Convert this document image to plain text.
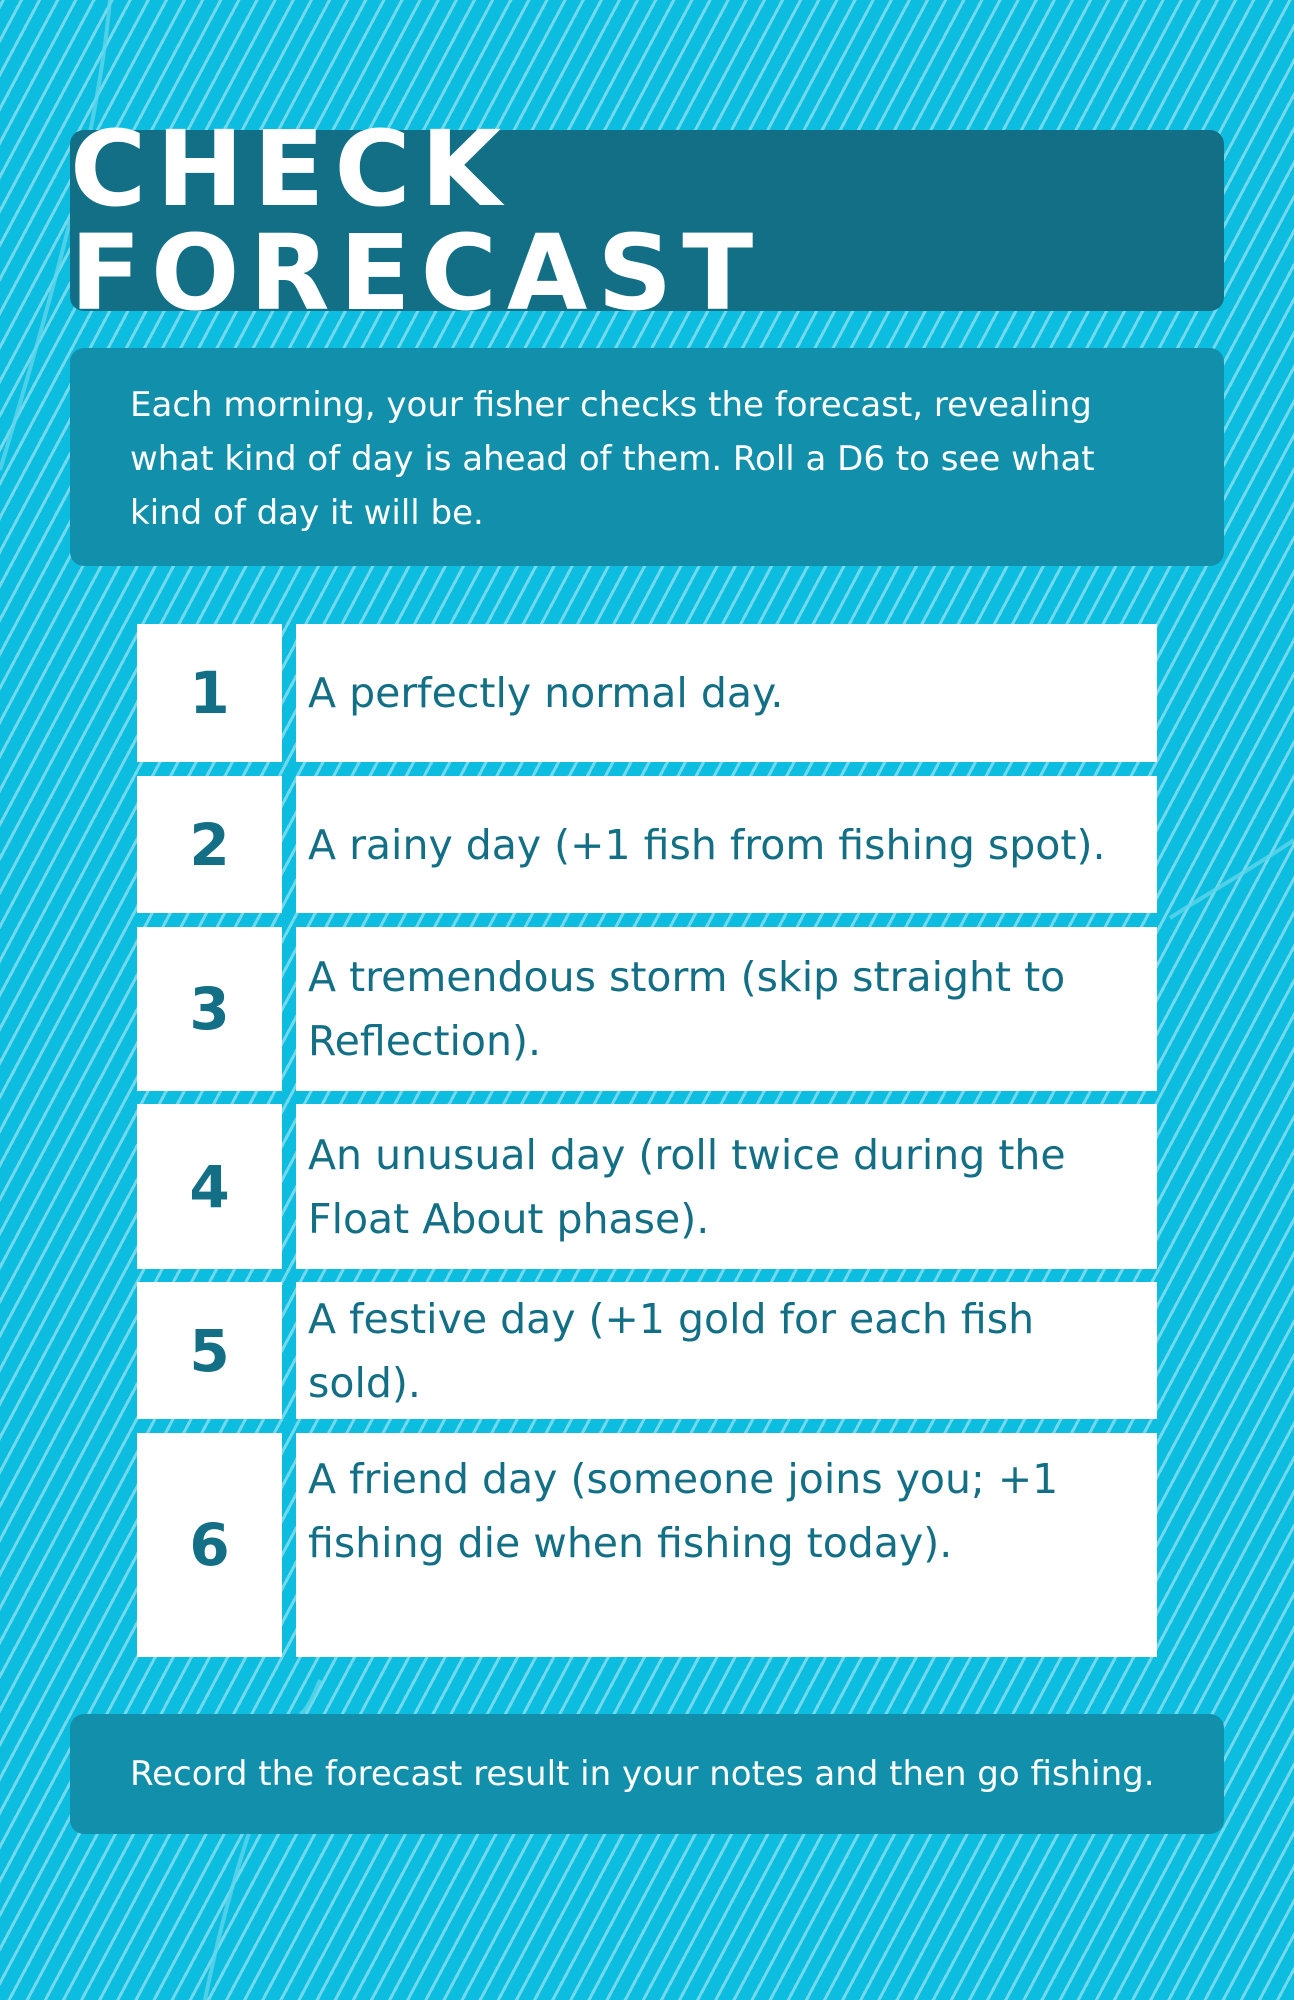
CHECK FORECAST

Each morning, your fisher checks the forecast, revealing what kind of day is ahead of them. Roll a D6 to see what kind of day it will be.

1 A perfectly normal day.

2 A rainy day (+1 fish from fishing spot).

3 A tremendous storm (skip straight to Reflection).

4 An unusual day (roll twice during the Float About phase).

5 A festive day (+1 gold for each fish sold).

6

A friend day (someone joins you; +1 fishing die when fishing today).

Record the forecast result in your notes and then go fishing.
